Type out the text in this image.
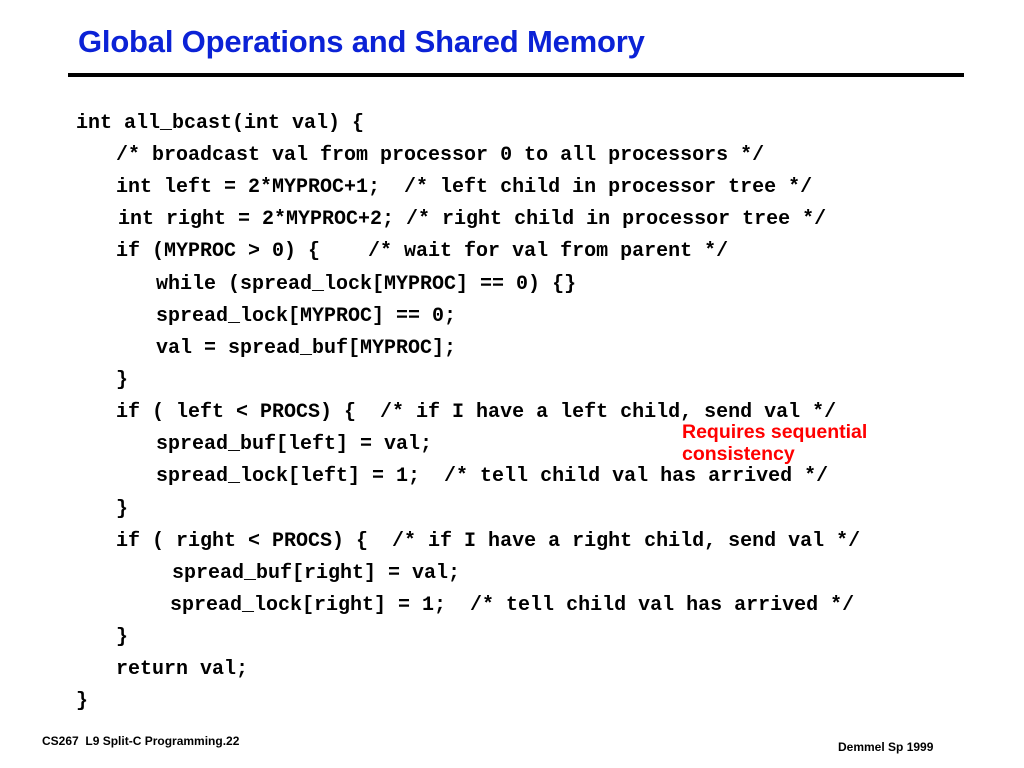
Global Operations and Shared Memory
int all_bcast(int val) {
/* broadcast val from processor 0 to all processors */
int left = 2*MYPROC+1;  /* left child in processor tree */
int right = 2*MYPROC+2; /* right child in processor tree */
if (MYPROC > 0) {    /* wait for val from parent */
while (spread_lock[MYPROC] == 0) {}
spread_lock[MYPROC] == 0;
val = spread_buf[MYPROC];
}
if ( left < PROCS) {  /* if I have a left child, send val */
spread_buf[left] = val;
spread_lock[left] = 1;  /* tell child val has arrived */
}
if ( right < PROCS) {  /* if I have a right child, send val */
spread_buf[right] = val;
spread_lock[right] = 1;  /* tell child val has arrived */
}
return val;
}
Requires sequential
consistency
CS267  L9 Split-C Programming.22	Demmel Sp 1999
